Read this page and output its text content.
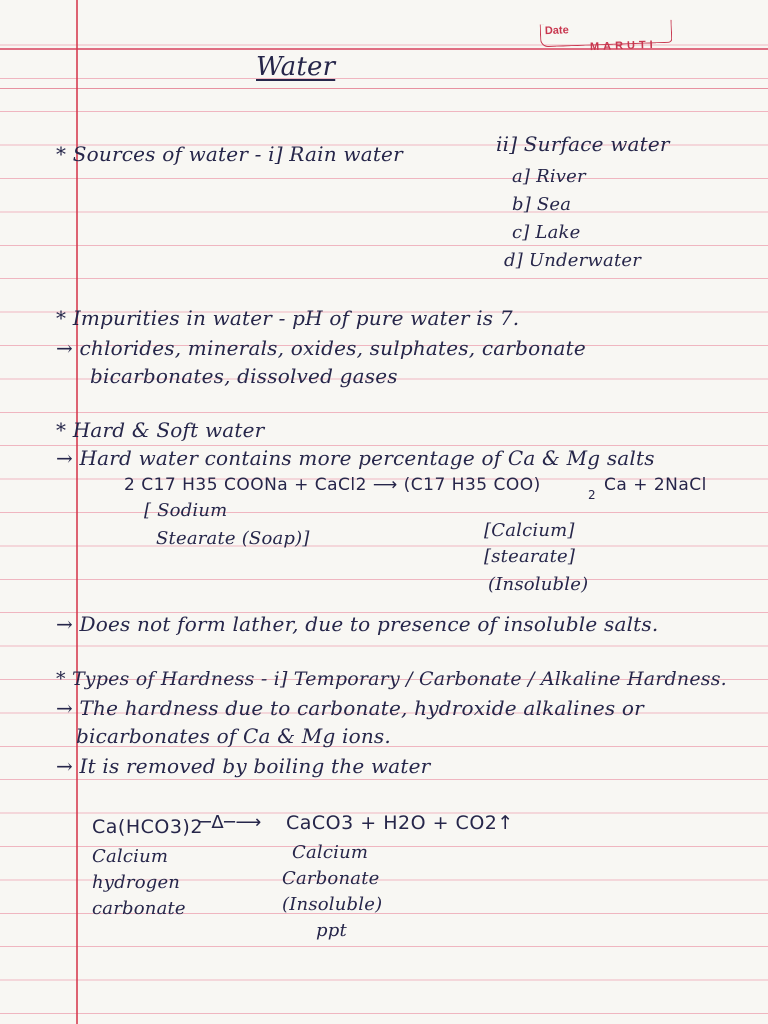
Date
MARUTI
Water
* Sources of water - i] Rain water	ii] Surface water
a] River
b] Sea
c] Lake
d] Underwater
* Impurities in water - pH of pure water is 7.
→ chlorides, minerals, oxides, sulphates, carbonate
bicarbonates, dissolved gases
* Hard & Soft water
→ Hard water contains more percentage of Ca & Mg salts
2 C17 H35 COONa + CaCl2 ⟶ (C17 H35 COO)	2 Ca + 2NaCl
[ Sodium
Stearate (Soap)]	[Calcium]
[stearate]
(Insoluble)
→ Does not form lather, due to presence of insoluble salts.
* Types of Hardness - i] Temporary / Carbonate / Alkaline Hardness.
→ The hardness due to carbonate, hydroxide alkalines or
bicarbonates of Ca & Mg ions.
→ It is removed by boiling the water
Ca(HCO3)2
─Δ─⟶ CaCO3 + H2O + CO2↑
Calcium
hydrogen
carbonate
Calcium
Carbonate
(Insoluble)
ppt
